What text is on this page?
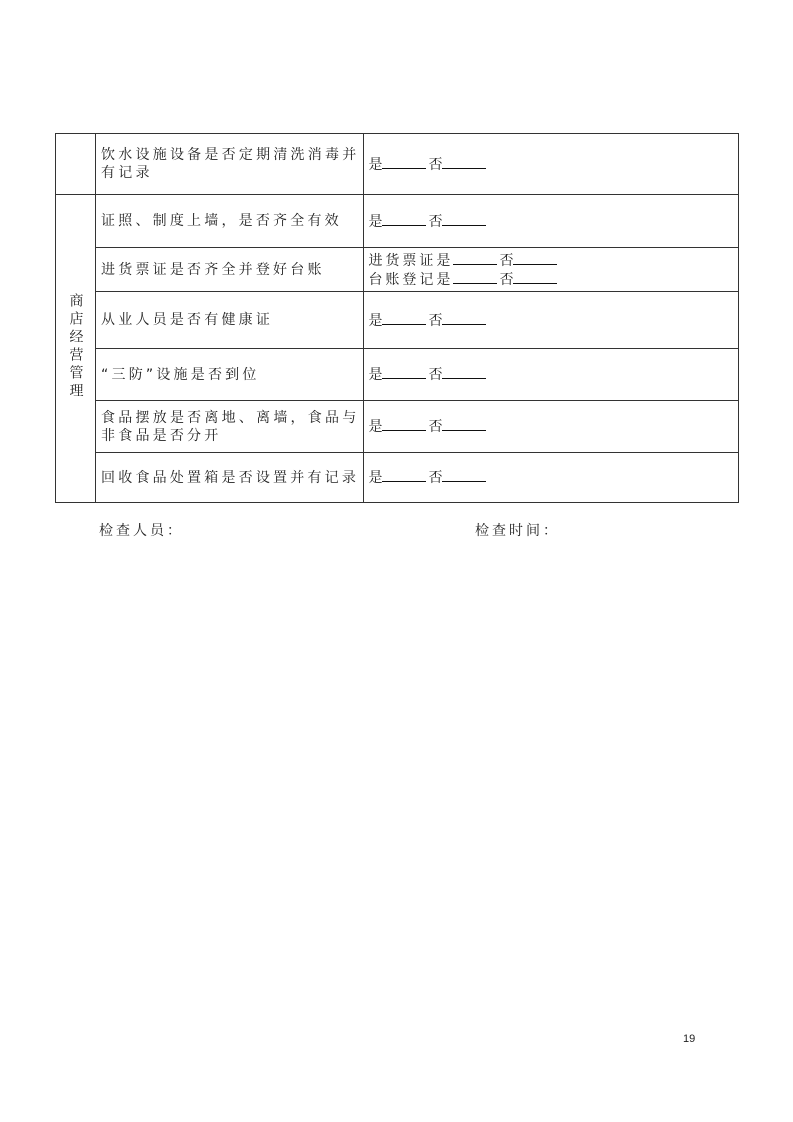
	饮水设施设备是否定期清洗消毒并有记录	是 否
商店经营管理	证照、制度上墙，是否齐全有效	是 否
	进货票证是否齐全并登好台账	进货票证是 否
台账登记是 否

	从业人员是否有健康证	是 否
	“三防”设施是否到位	是 否
	食品摆放是否离地、离墙，食品与非食品是否分开	是 否
	回收食品处置箱是否设置并有记录	是 否
检查人员：	检查时间：
19
